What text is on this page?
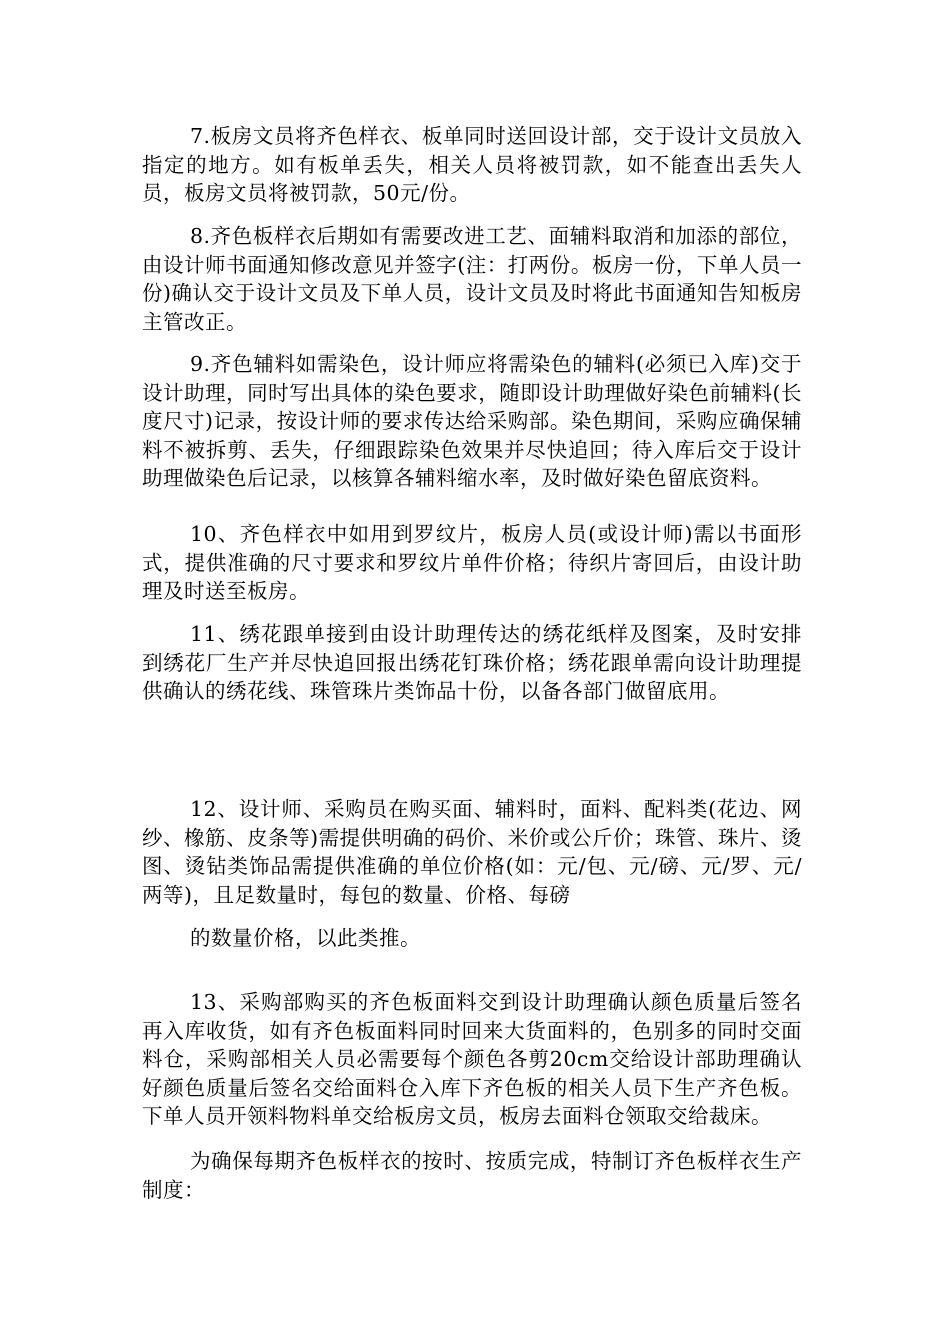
7.板房文员将齐色样衣、板单同时送回设计部，交于设计文员放入指定的地方。如有板单丢失，相关人员将被罚款，如不能查出丢失人员，板房文员将被罚款，50元/份。

8.齐色板样衣后期如有需要改进工艺、面辅料取消和加添的部位，由设计师书面通知修改意见并签字(注：打两份。板房一份，下单人员一份)确认交于设计文员及下单人员，设计文员及时将此书面通知告知板房主管改正。

9.齐色辅料如需染色，设计师应将需染色的辅料(必须已入库)交于设计助理，同时写出具体的染色要求，随即设计助理做好染色前辅料(长度尺寸)记录，按设计师的要求传达给采购部。染色期间，采购应确保辅料不被拆剪、丢失，仔细跟踪染色效果并尽快追回；待入库后交于设计助理做染色后记录，以核算各辅料缩水率，及时做好染色留底资料。

10、齐色样衣中如用到罗纹片，板房人员(或设计师)需以书面形式，提供准确的尺寸要求和罗纹片单件价格；待织片寄回后，由设计助理及时送至板房。

11、绣花跟单接到由设计助理传达的绣花纸样及图案，及时安排到绣花厂生产并尽快追回报出绣花钉珠价格；绣花跟单需向设计助理提供确认的绣花线、珠管珠片类饰品十份，以备各部门做留底用。

12、设计师、采购员在购买面、辅料时，面料、配料类(花边、网纱、橡筋、皮条等)需提供明确的码价、米价或公斤价；珠管、珠片、烫图、烫钻类饰品需提供准确的单位价格(如：元/包、元/磅、元/罗、元/两等)，且足数量时，每包的数量、价格、每磅

的数量价格，以此类推。

13、采购部购买的齐色板面料交到设计助理确认颜色质量后签名再入库收货，如有齐色板面料同时回来大货面料的，色别多的同时交面料仓，采购部相关人员必需要每个颜色各剪20cm交给设计部助理确认好颜色质量后签名交给面料仓入库下齐色板的相关人员下生产齐色板。下单人员开领料物料单交给板房文员，板房去面料仓领取交给裁床。

为确保每期齐色板样衣的按时、按质完成，特制订齐色板样衣生产制度：
